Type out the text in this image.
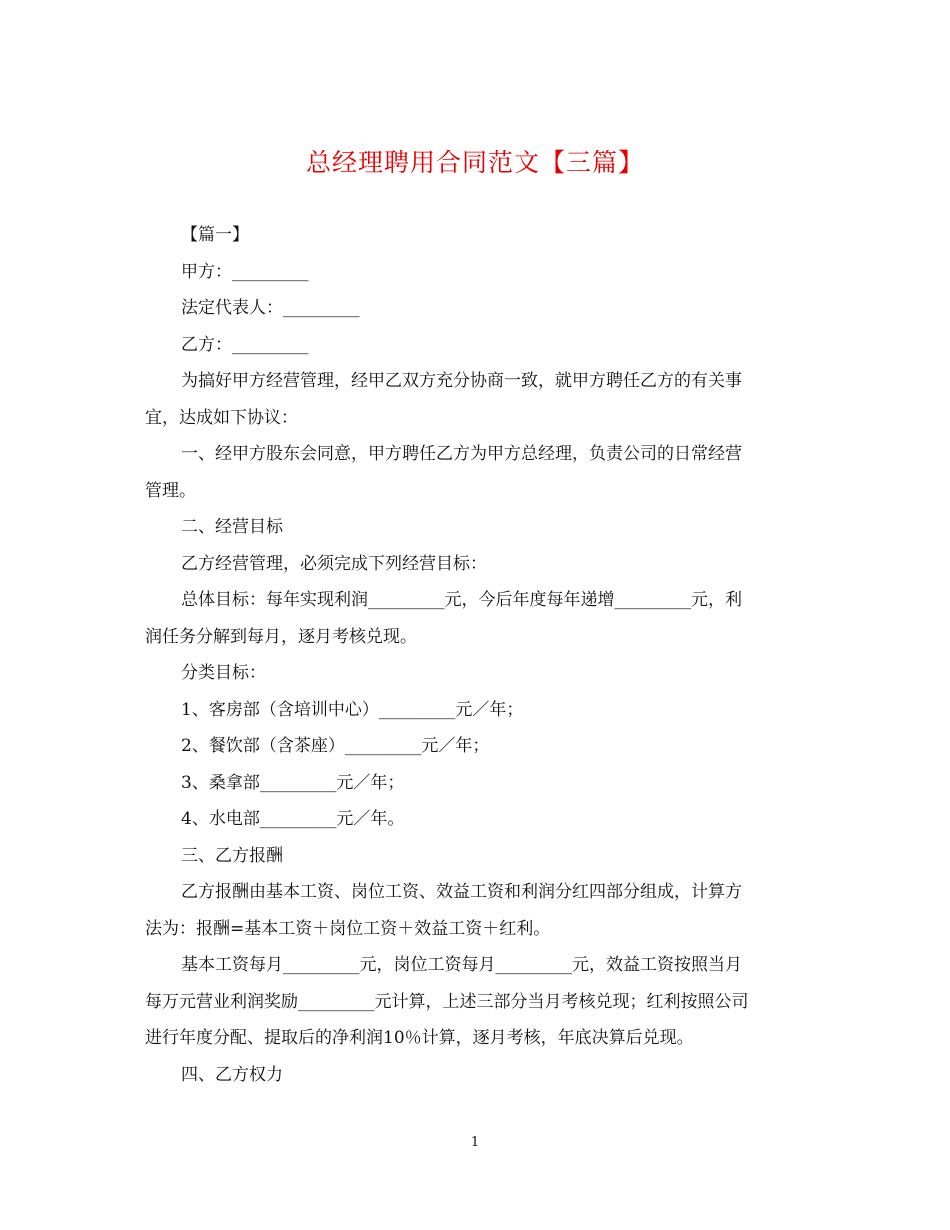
总经理聘用合同范文【三篇】
【篇一】
甲方：_________
法定代表人：_________
乙方：_________
为搞好甲方经营管理，经甲乙双方充分协商一致，就甲方聘任乙方的有关事
宜，达成如下协议：
一、经甲方股东会同意，甲方聘任乙方为甲方总经理，负责公司的日常经营
管理。
二、经营目标
乙方经营管理，必须完成下列经营目标：
总体目标：每年实现利润_________元，今后年度每年递增_________元，利
润任务分解到每月，逐月考核兑现。
分类目标：
1、客房部（含培训中心）_________元／年；
2、餐饮部（含茶座）_________元／年；
3、桑拿部_________元／年；
4、水电部_________元／年。
三、乙方报酬
乙方报酬由基本工资、岗位工资、效益工资和利润分红四部分组成，计算方
法为：报酬=基本工资＋岗位工资＋效益工资＋红利。
基本工资每月_________元，岗位工资每月_________元，效益工资按照当月
每万元营业利润奖励_________元计算，上述三部分当月考核兑现；红利按照公司
进行年度分配、提取后的净利润10％计算，逐月考核，年底决算后兑现。
四、乙方权力
1
